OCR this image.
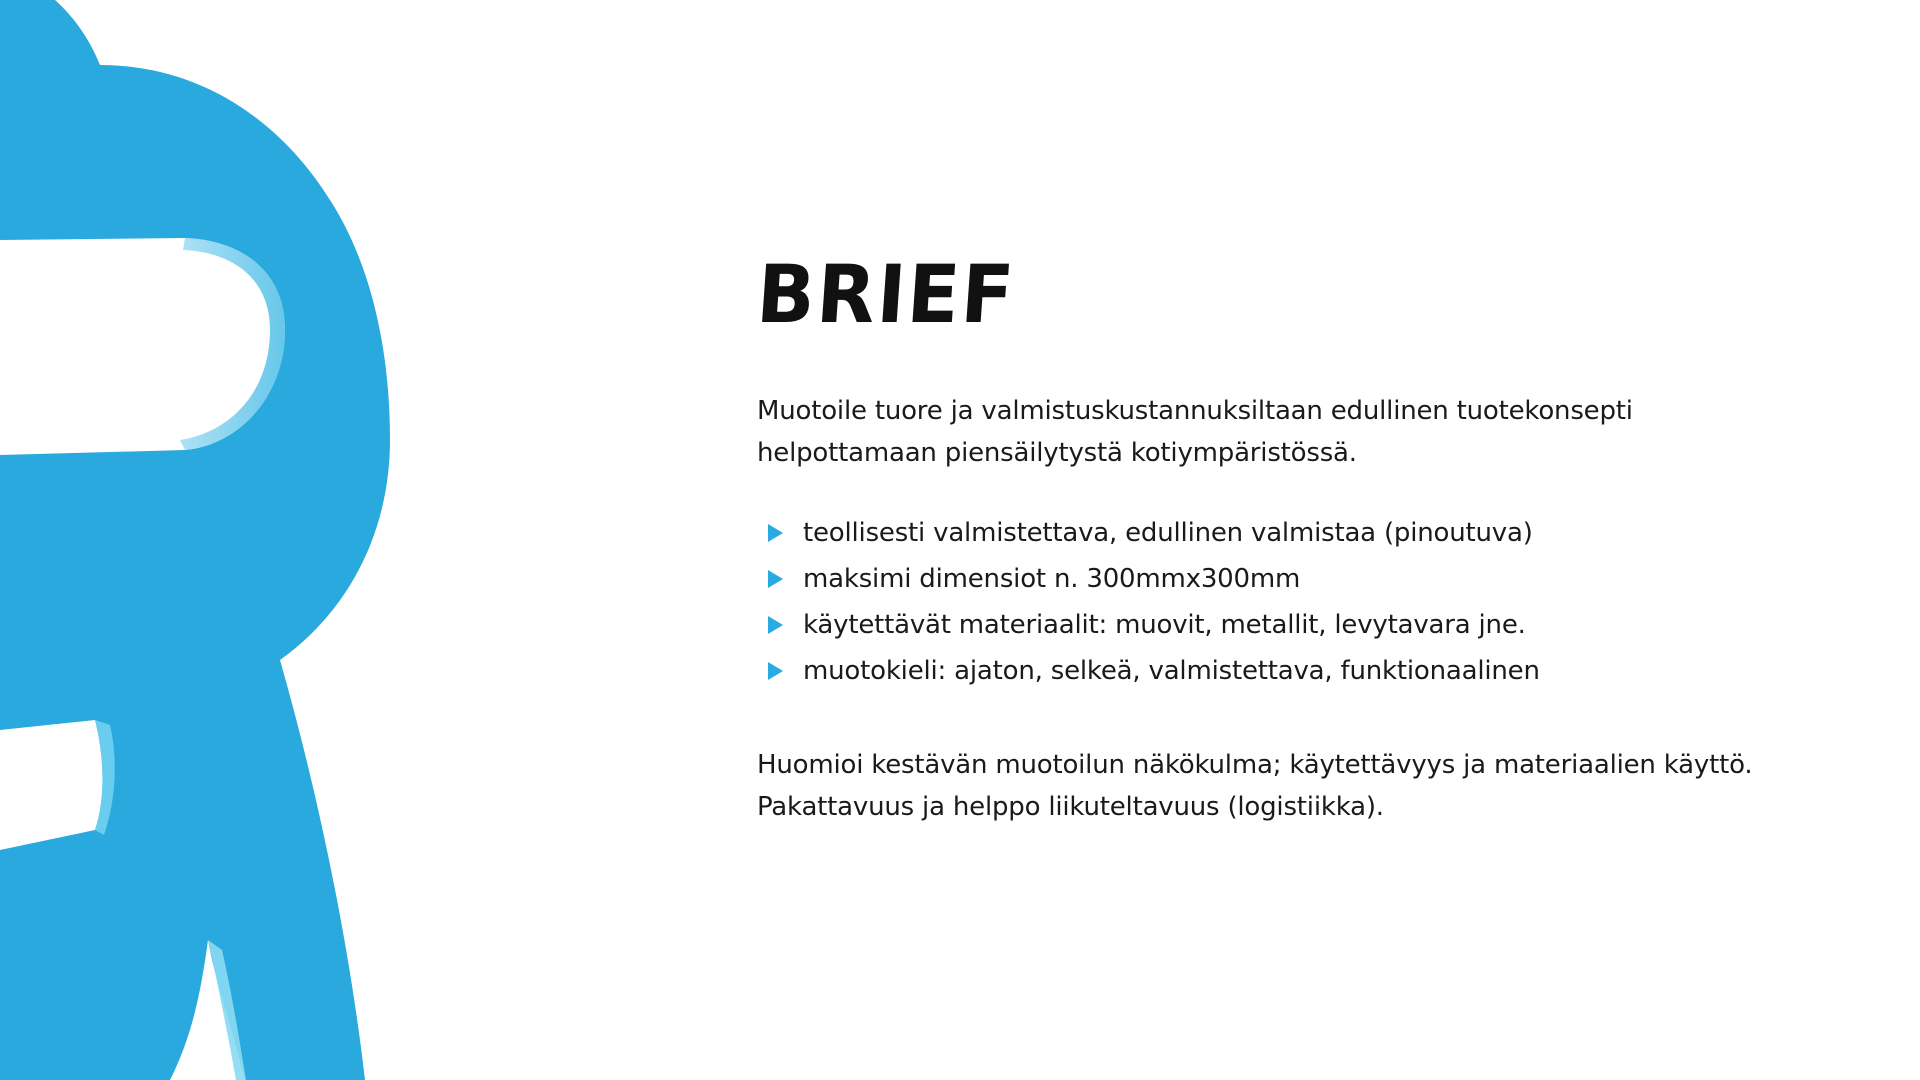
BRIEF

Muotoile tuore ja valmistuskustannuksiltaan edullinen tuotekonsepti helpottamaan piensäilytystä kotiympäristössä.

teollisesti valmistettava, edullinen valmistaa (pinoutuva)
maksimi dimensiot n. 300mmx300mm
käytettävät materiaalit: muovit, metallit, levytavara jne.
muotokieli: ajaton, selkeä, valmistettava, funktionaalinen

Huomioi kestävän muotoilun näkökulma; käytettävyys ja materiaalien käyttö. Pakattavuus ja helppo liikuteltavuus (logistiikka).
